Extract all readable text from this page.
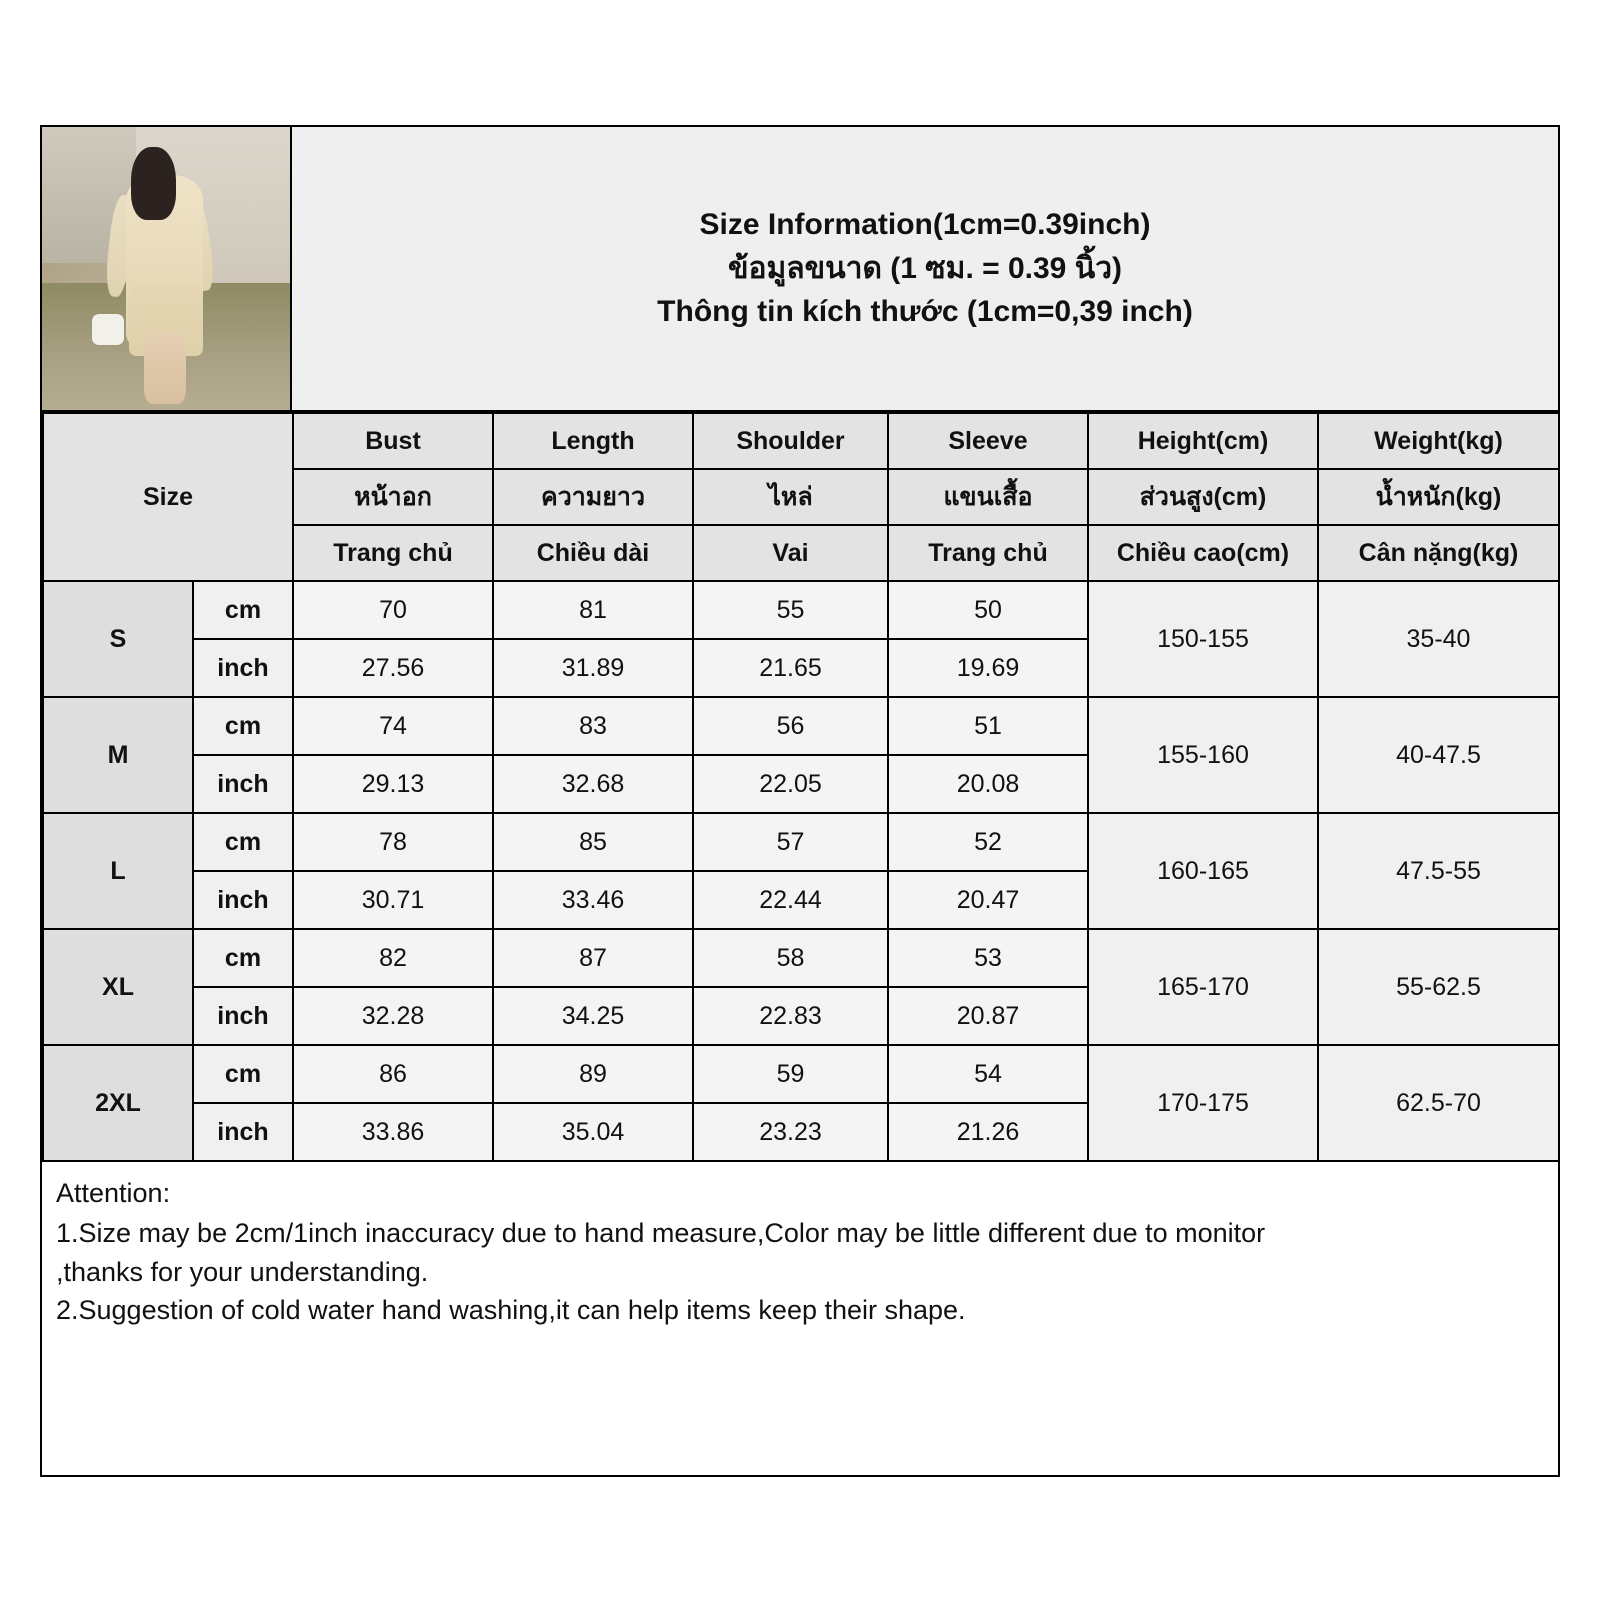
Size Information(1cm=0.39inch)
ข้อมูลขนาด (1 ซม. = 0.39 นิ้ว)
Thông tin kích thước (1cm=0,39 inch)
Size		Bust	Length	Shoulder	Sleeve	Height(cm)	Weight(kg)
		หน้าอก	ความยาว	ไหล่	แขนเสื้อ	ส่วนสูง(cm)	น้ำหนัก(kg)
		Trang chủ	Chiều dài	Vai	Trang chủ	Chiều cao(cm)	Cân nặng(kg)
S	cm	70	81	55	50	150-155	35-40
	inch	27.56	31.89	21.65	19.69		
M	cm	74	83	56	51	155-160	40-47.5
	inch	29.13	32.68	22.05	20.08		
L	cm	78	85	57	52	160-165	47.5-55
	inch	30.71	33.46	22.44	20.47		
XL	cm	82	87	58	53	165-170	55-62.5
	inch	32.28	34.25	22.83	20.87		
2XL	cm	86	89	59	54	170-175	62.5-70
	inch	33.86	35.04	23.23	21.26		
Attention:
1.Size may be 2cm/1inch inaccuracy due to hand measure,Color may be little different due to monitor
,thanks for your understanding.
2.Suggestion of cold water hand washing,it can help items keep their shape.
